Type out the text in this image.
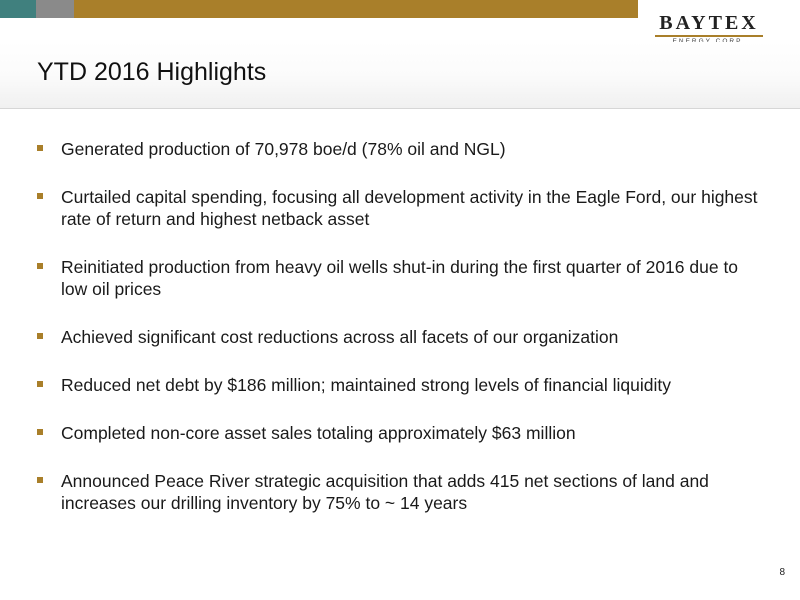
BAYTEX
YTD 2016 Highlights
Generated production of 70,978 boe/d (78% oil and NGL)
Curtailed capital spending, focusing all development activity in the Eagle Ford, our highest rate of return and highest netback asset
Reinitiated production from heavy oil wells shut-in during the first quarter of 2016 due to low oil prices
Achieved significant cost reductions across all facets of our organization
Reduced net debt by $186 million; maintained strong levels of financial liquidity
Completed non-core asset sales totaling approximately $63 million
Announced Peace River strategic acquisition that adds 415 net sections of land and increases our drilling inventory by 75% to ~ 14 years
8
